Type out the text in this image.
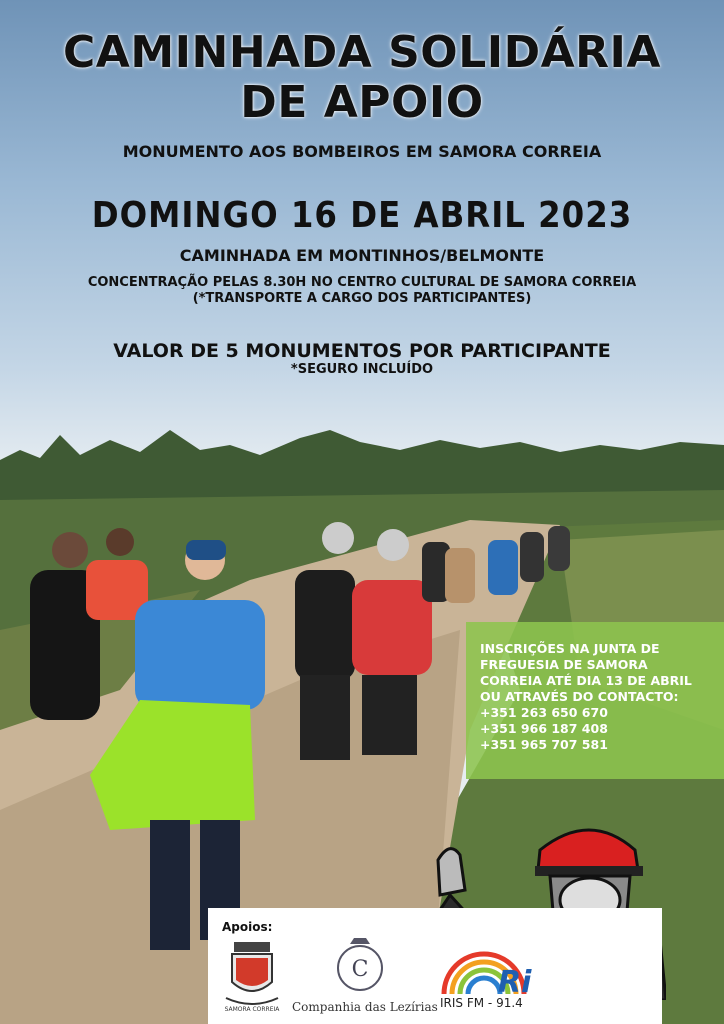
CAMINHADA SOLIDÁRIA
DE APOIO
MONUMENTO AOS BOMBEIROS EM SAMORA CORREIA
DOMINGO 16 DE ABRIL 2023
CAMINHADA EM MONTINHOS/BELMONTE
CONCENTRAÇÃO PELAS 8.30H NO CENTRO CULTURAL DE SAMORA CORREIA
(*TRANSPORTE A CARGO DOS PARTICIPANTES)
VALOR DE 5 MONUMENTOS POR PARTICIPANTE
*SEGURO INCLUÍDO
INSCRIÇÕES NA JUNTA DE
FREGUESIA DE SAMORA
CORREIA ATÉ DIA 13 DE ABRIL
OU ATRAVÉS DO CONTACTO:
+351 263 650 670
+351 966 187 408
+351 965 707 581
Apoios:
SAMORA CORREIA
C
Companhia das Lezírias
Ri
IRIS FM - 91.4
